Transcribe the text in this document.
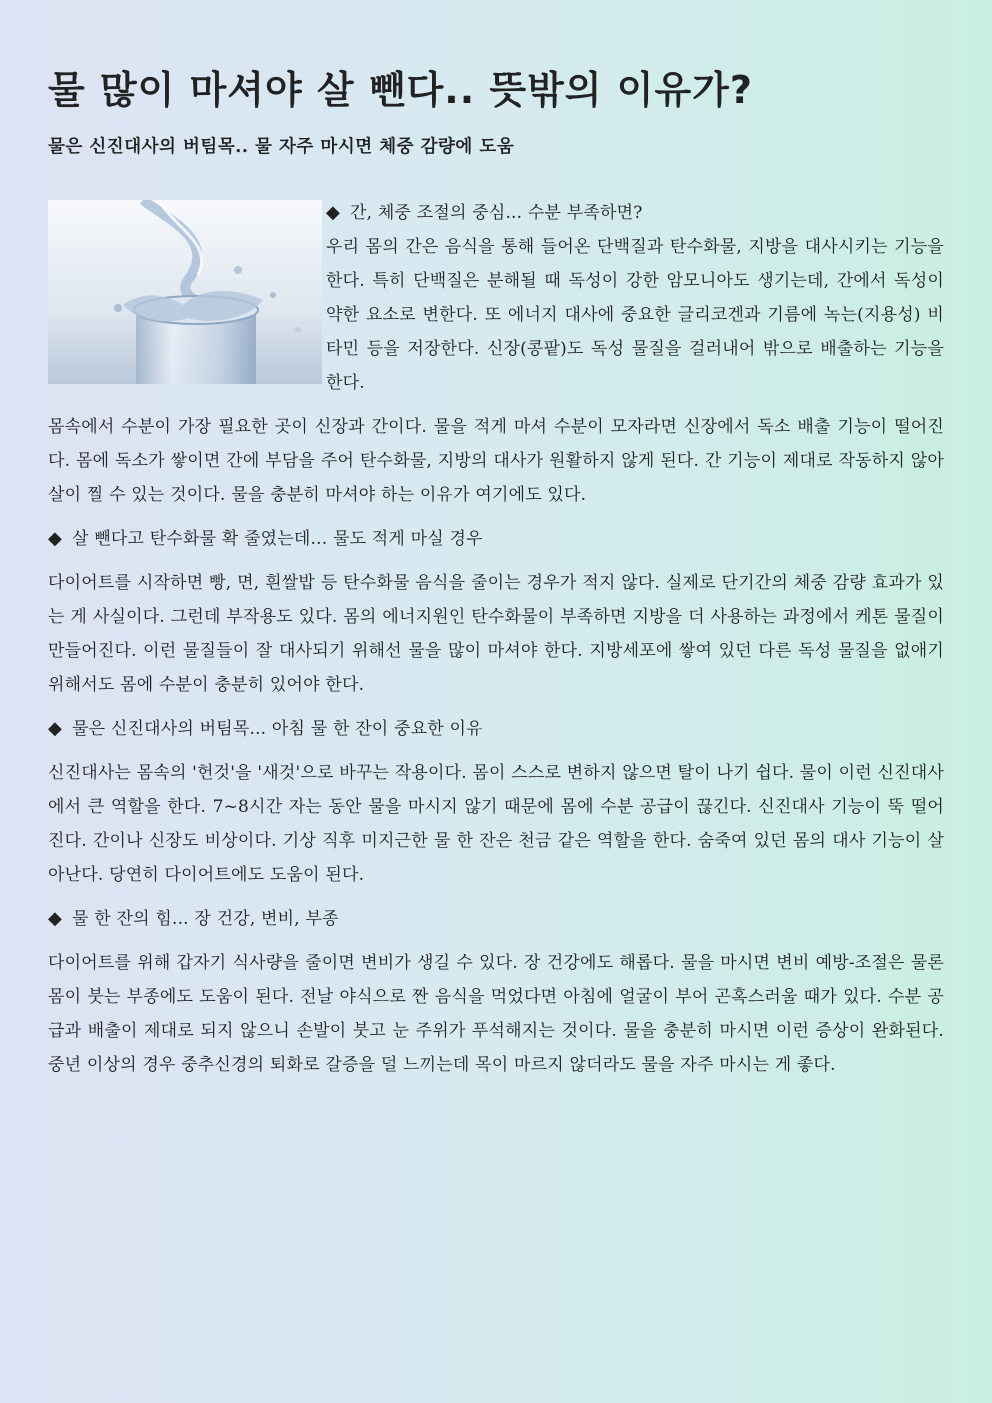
물 많이 마셔야 살 뺀다.. 뜻밖의 이유가?
물은 신진대사의 버팀목.. 물 자주 마시면 체중 감량에 도움

◆ 간, 체중 조절의 중심... 수분 부족하면?

우리 몸의 간은 음식을 통해 들어온 단백질과 탄수화물, 지방을 대사시키는 기능을 한다. 특히 단백질은 분해될 때 독성이 강한 암모니아도 생기는데, 간에서 독성이 약한 요소로 변한다. 또 에너지 대사에 중요한 글리코겐과 기름에 녹는(지용성) 비타민 등을 저장한다. 신장(콩팥)도 독성 물질을 걸러내어 밖으로 배출하는 기능을 한다.

몸속에서 수분이 가장 필요한 곳이 신장과 간이다. 물을 적게 마셔 수분이 모자라면 신장에서 독소 배출 기능이 떨어진다. 몸에 독소가 쌓이면 간에 부담을 주어 탄수화물, 지방의 대사가 원활하지 않게 된다. 간 기능이 제대로 작동하지 않아 살이 찔 수 있는 것이다. 물을 충분히 마셔야 하는 이유가 여기에도 있다.

◆ 살 뺀다고 탄수화물 확 줄였는데... 물도 적게 마실 경우

다이어트를 시작하면 빵, 면, 흰쌀밥 등 탄수화물 음식을 줄이는 경우가 적지 않다. 실제로 단기간의 체중 감량 효과가 있는 게 사실이다. 그런데 부작용도 있다. 몸의 에너지원인 탄수화물이 부족하면 지방을 더 사용하는 과정에서 케톤 물질이 만들어진다. 이런 물질들이 잘 대사되기 위해선 물을 많이 마셔야 한다. 지방세포에 쌓여 있던 다른 독성 물질을 없애기 위해서도 몸에 수분이 충분히 있어야 한다.

◆ 물은 신진대사의 버팀목... 아침 물 한 잔이 중요한 이유

신진대사는 몸속의 '헌것'을 '새것'으로 바꾸는 작용이다. 몸이 스스로 변하지 않으면 탈이 나기 쉽다. 물이 이런 신진대사에서 큰 역할을 한다. 7~8시간 자는 동안 물을 마시지 않기 때문에 몸에 수분 공급이 끊긴다. 신진대사 기능이 뚝 떨어진다. 간이나 신장도 비상이다. 기상 직후 미지근한 물 한 잔은 천금 같은 역할을 한다. 숨죽여 있던 몸의 대사 기능이 살아난다. 당연히 다이어트에도 도움이 된다.

◆ 물 한 잔의 힘... 장 건강, 변비, 부종

다이어트를 위해 갑자기 식사량을 줄이면 변비가 생길 수 있다. 장 건강에도 해롭다. 물을 마시면 변비 예방-조절은 물론 몸이 붓는 부종에도 도움이 된다. 전날 야식으로 짠 음식을 먹었다면 아침에 얼굴이 부어 곤혹스러울 때가 있다. 수분 공급과 배출이 제대로 되지 않으니 손발이 붓고 눈 주위가 푸석해지는 것이다. 물을 충분히 마시면 이런 증상이 완화된다. 중년 이상의 경우 중추신경의 퇴화로 갈증을 덜 느끼는데 목이 마르지 않더라도 물을 자주 마시는 게 좋다.
